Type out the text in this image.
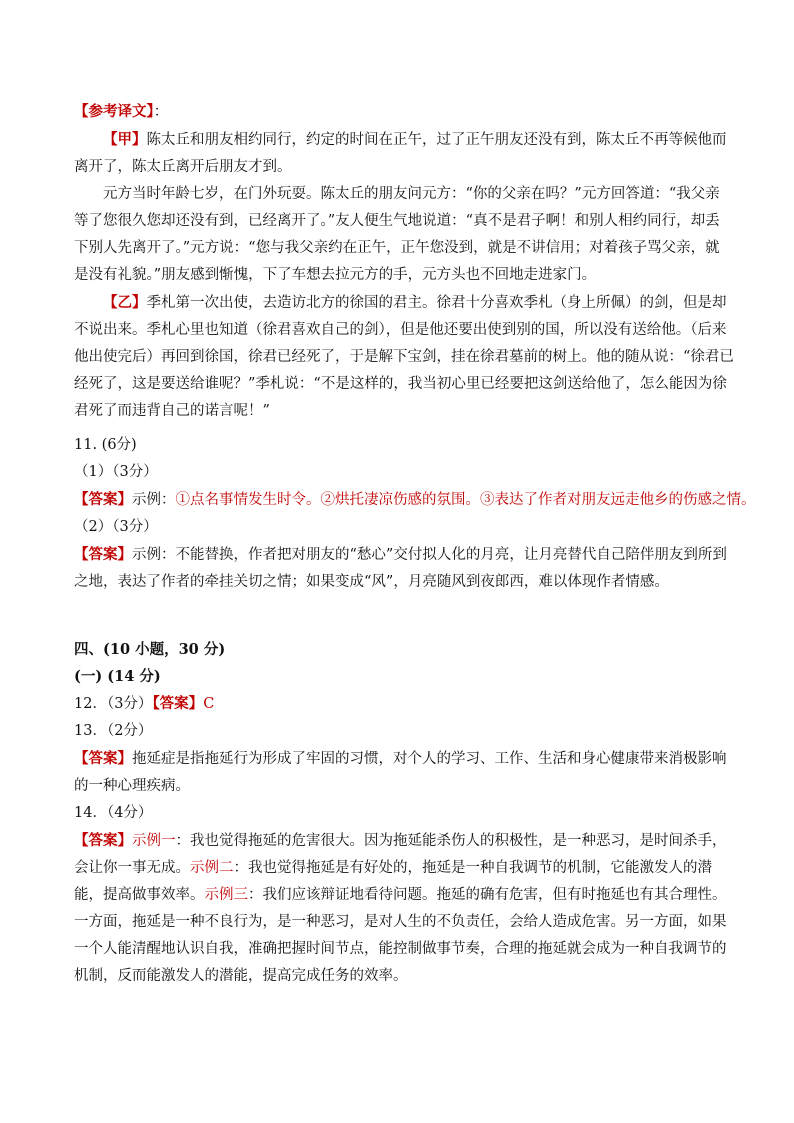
【参考译文】：

【甲】陈太丘和朋友相约同行，约定的时间在正午，过了正午朋友还没有到，陈太丘不再等候他而离开了，陈太丘离开后朋友才到。

元方当时年龄七岁，在门外玩耍。陈太丘的朋友问元方：“你的父亲在吗？”元方回答道：“我父亲等了您很久您却还没有到，已经离开了。”友人便生气地说道：“真不是君子啊！和别人相约同行，却丢下别人先离开了。”元方说：“您与我父亲约在正午，正午您没到，就是不讲信用；对着孩子骂父亲，就是没有礼貌。”朋友感到惭愧，下了车想去拉元方的手，元方头也不回地走进家门。

【乙】季札第一次出使，去造访北方的徐国的君主。徐君十分喜欢季札（身上所佩）的剑，但是却不说出来。季札心里也知道（徐君喜欢自己的剑），但是他还要出使到别的国，所以没有送给他。（后来他出使完后）再回到徐国，徐君已经死了，于是解下宝剑，挂在徐君墓前的树上。他的随从说：“徐君已经死了，这是要送给谁呢？”季札说：“不是这样的，我当初心里已经要把这剑送给他了，怎么能因为徐君死了而违背自己的诺言呢！”

11. (6分)

（1）（3分）

【答案】示例：①点名事情发生时令。②烘托凄凉伤感的氛围。③表达了作者对朋友远走他乡的伤感之情。

（2）（3分）

【答案】示例：不能替换，作者把对朋友的“愁心”交付拟人化的月亮，让月亮替代自己陪伴朋友到所到之地，表达了作者的牵挂关切之情；如果变成“风”，月亮随风到夜郎西，难以体现作者情感。

四、(10 小题，30 分)

(一) (14 分)

12．（3分）【答案】C

13．（2分）

【答案】拖延症是指拖延行为形成了牢固的习惯，对个人的学习、工作、生活和身心健康带来消极影响的一种心理疾病。

14．（4分）

【答案】示例一：我也觉得拖延的危害很大。因为拖延能杀伤人的积极性，是一种恶习，是时间杀手，会让你一事无成。示例二：我也觉得拖延是有好处的，拖延是一种自我调节的机制，它能激发人的潜能，提高做事效率。示例三：我们应该辩证地看待问题。拖延的确有危害，但有时拖延也有其合理性。一方面，拖延是一种不良行为，是一种恶习，是对人生的不负责任，会给人造成危害。另一方面，如果一个人能清醒地认识自我，准确把握时间节点，能控制做事节奏，合理的拖延就会成为一种自我调节的机制，反而能激发人的潜能，提高完成任务的效率。
